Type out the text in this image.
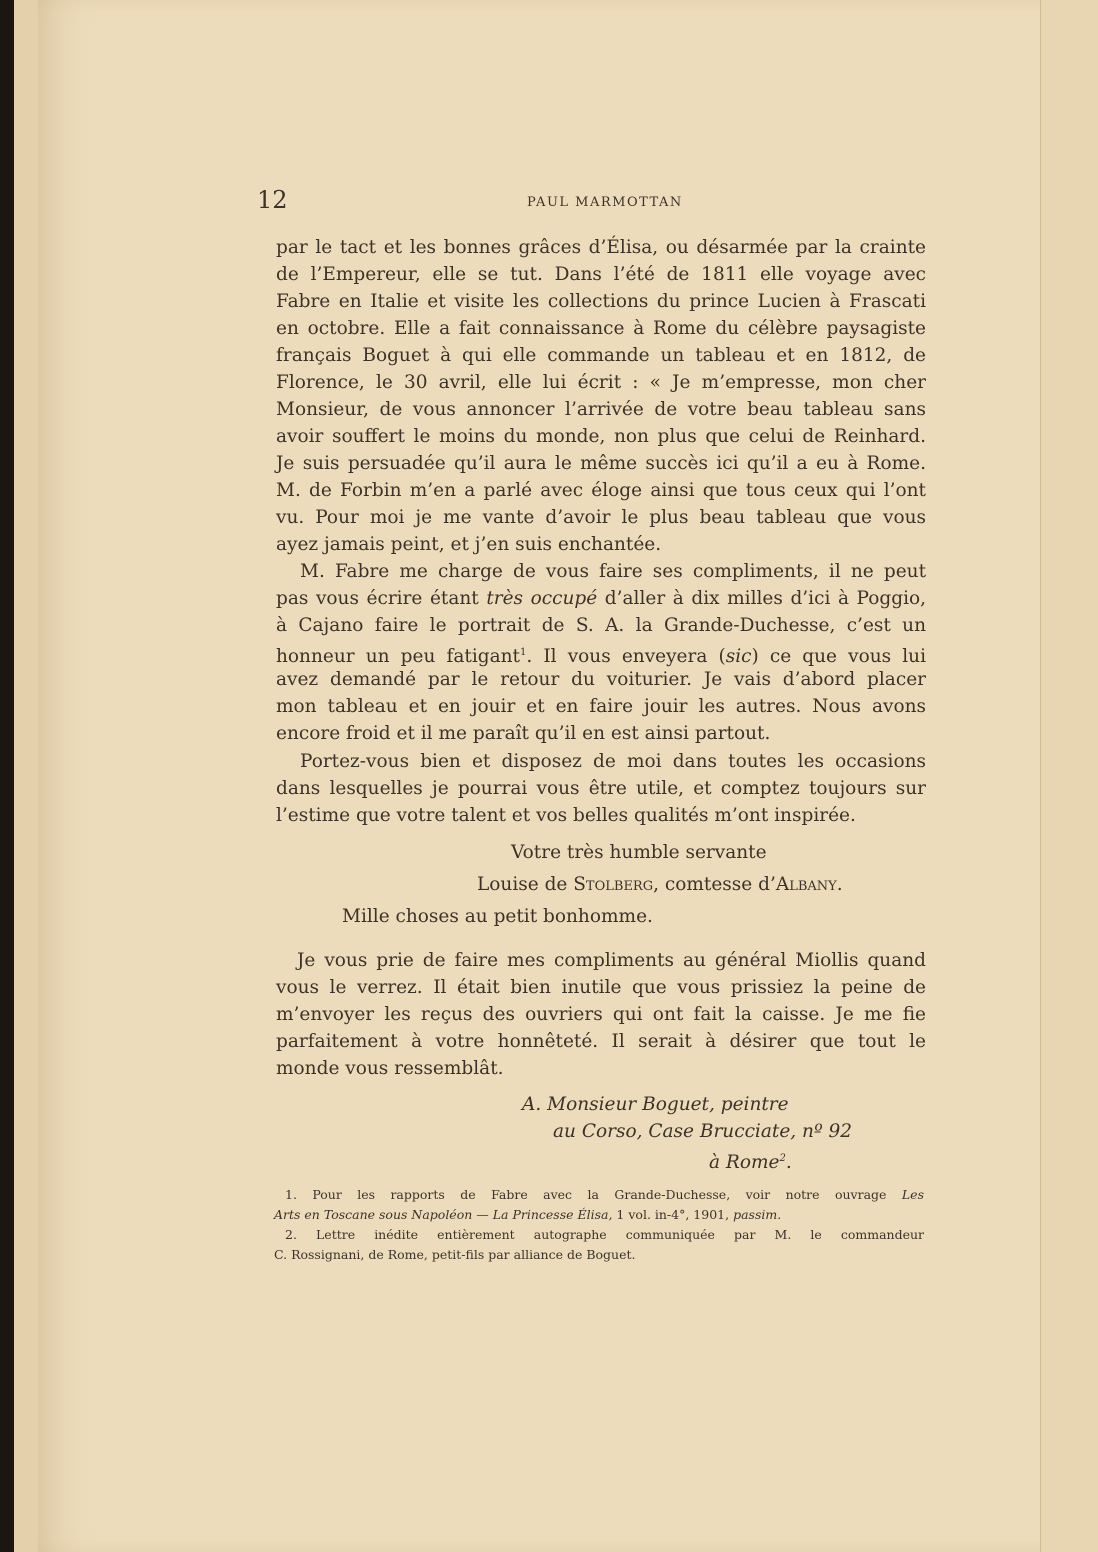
12	PAUL MARMOTTAN
par le tact et les bonnes grâces d’Élisa, ou désarmée par la crainte
de l’Empereur, elle se tut. Dans l’été de 1811 elle voyage avec
Fabre en Italie et visite les collections du prince Lucien à Frascati
en octobre. Elle a fait connaissance à Rome du célèbre paysagiste
français Boguet à qui elle commande un tableau et en 1812, de
Florence, le 30 avril, elle lui écrit : « Je m’empresse, mon cher
Monsieur, de vous annoncer l’arrivée de votre beau tableau sans
avoir souffert le moins du monde, non plus que celui de Reinhard.
Je suis persuadée qu’il aura le même succès ici qu’il a eu à Rome.
M. de Forbin m’en a parlé avec éloge ainsi que tous ceux qui l’ont
vu. Pour moi je me vante d’avoir le plus beau tableau que vous
ayez jamais peint, et j’en suis enchantée.
M. Fabre me charge de vous faire ses compliments, il ne peut
pas vous écrire étant très occupé d’aller à dix milles d’ici à Poggio,
à Cajano faire le portrait de S. A. la Grande-Duchesse, c’est un
honneur un peu fatigant$^1$. Il vous enveyera (sic) ce que vous lui
avez demandé par le retour du voiturier. Je vais d’abord placer
mon tableau et en jouir et en faire jouir les autres. Nous avons
encore froid et il me paraît qu’il en est ainsi partout.
Portez-vous bien et disposez de moi dans toutes les occasions
dans lesquelles je pourrai vous être utile, et comptez toujours sur
l’estime que votre talent et vos belles qualités m’ont inspirée.
Votre très humble servante
Louise de Stolberg, comtesse d’Albany.
Mille choses au petit bonhomme.
Je vous prie de faire mes compliments au général Miollis quand
vous le verrez. Il était bien inutile que vous prissiez la peine de
m’envoyer les reçus des ouvriers qui ont fait la caisse. Je me fie
parfaitement à votre honnêteté. Il serait à désirer que tout le
monde vous ressemblât.
A. Monsieur Boguet, peintre
au Corso, Case Brucciate, nº 92
à Rome$^2$.
1. Pour les rapports de Fabre avec la Grande-Duchesse, voir notre ouvrage Les
Arts en Toscane sous Napoléon — La Princesse Élisa, 1 vol. in-4°, 1901, passim.
2. Lettre inédite entièrement autographe communiquée par M. le commandeur
C. Rossignani, de Rome, petit-fils par alliance de Boguet.
